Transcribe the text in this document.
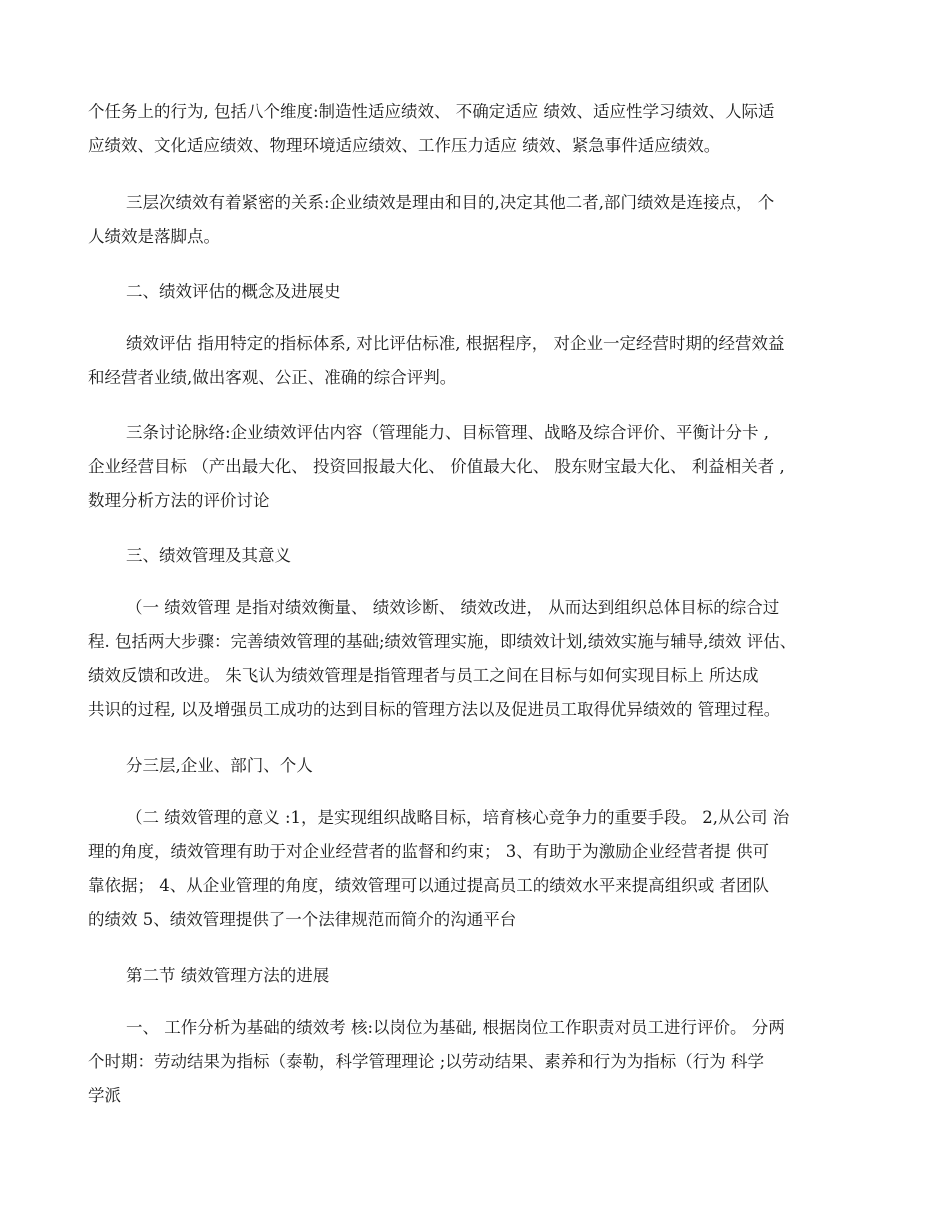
个任务上的行为, 包括八个维度:制造性适应绩效、 不确定适应 绩效、适应性学习绩效、人际适
应绩效、文化适应绩效、物理环境适应绩效、工作压力适应 绩效、紧急事件适应绩效。
三层次绩效有着紧密的关系:企业绩效是理由和目的,决定其他二者,部门绩效是连接点， 个
人绩效是落脚点。
二、绩效评估的概念及进展史
绩效评估 指用特定的指标体系, 对比评估标准, 根据程序， 对企业一定经营时期的经营效益
和经营者业绩,做出客观、公正、准确的综合评判。
三条讨论脉络:企业绩效评估内容（管理能力、目标管理、战略及综合评价、平衡计分卡 ,
企业经营目标 （产出最大化、 投资回报最大化、 价值最大化、 股东财宝最大化、 利益相关者 ,
数理分析方法的评价讨论
三、绩效管理及其意义
（一 绩效管理 是指对绩效衡量、 绩效诊断、 绩效改进， 从而达到组织总体目标的综合过
程. 包括两大步骤：完善绩效管理的基础;绩效管理实施，即绩效计划,绩效实施与辅导,绩效 评估、
绩效反馈和改进。 朱飞认为绩效管理是指管理者与员工之间在目标与如何实现目标上 所达成
共识的过程, 以及增强员工成功的达到目标的管理方法以及促进员工取得优异绩效的 管理过程。
分三层,企业、部门、个人
（二 绩效管理的意义 :1，是实现组织战略目标，培育核心竞争力的重要手段。 2,从公司 治
理的角度，绩效管理有助于对企业经营者的监督和约束； 3、有助于为激励企业经营者提 供可
靠依据； 4、从企业管理的角度，绩效管理可以通过提高员工的绩效水平来提高组织或 者团队
的绩效 5、绩效管理提供了一个法律规范而简介的沟通平台
第二节 绩效管理方法的进展
一、 工作分析为基础的绩效考 核:以岗位为基础, 根据岗位工作职责对员工进行评价。 分两
个时期：劳动结果为指标（泰勒，科学管理理论 ;以劳动结果、素养和行为为指标（行为 科学
学派
